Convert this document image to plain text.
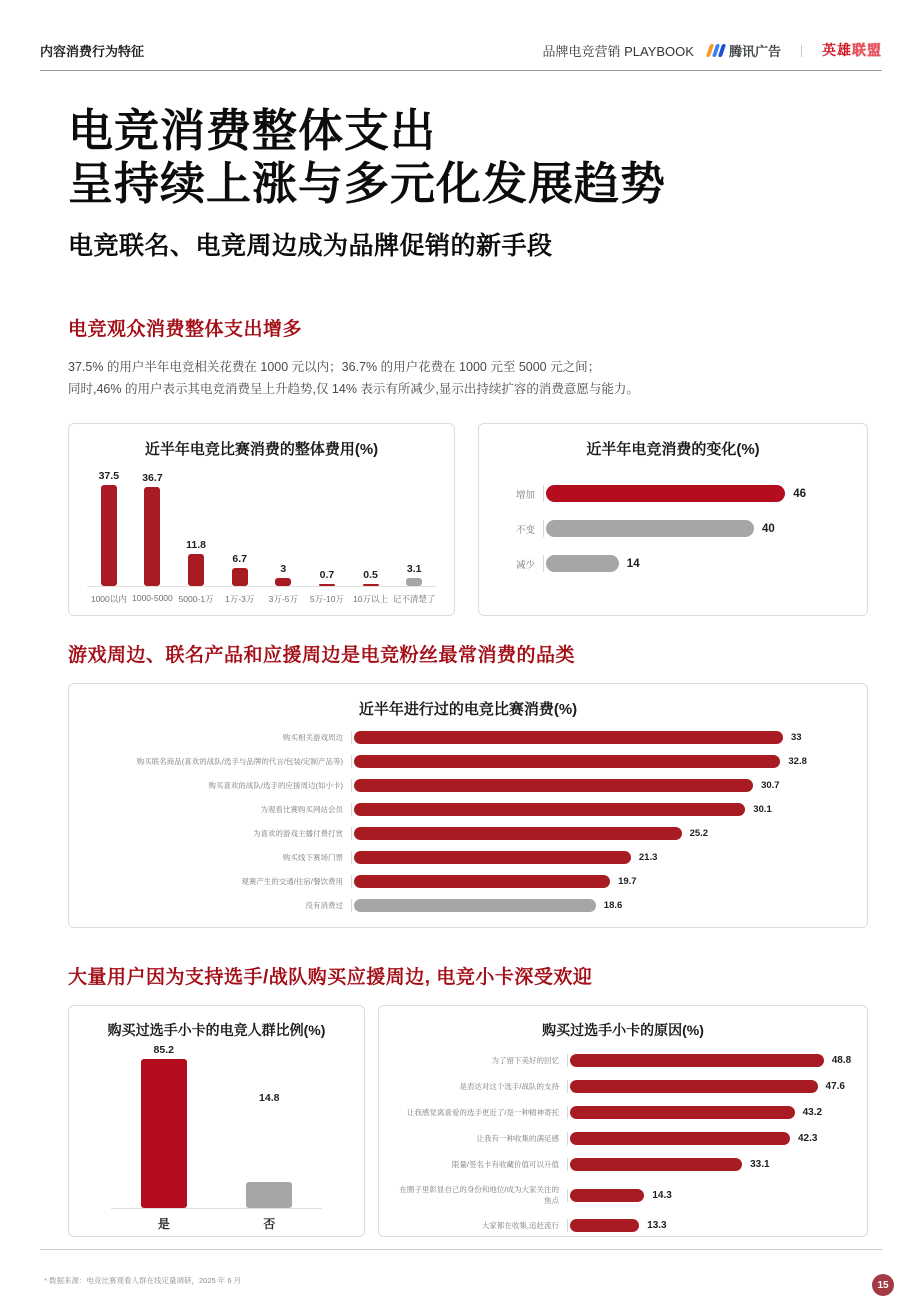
内容消费行为特征	品牌电竞营销 PLAYBOOK	腾讯广告 丨 英雄联盟
电竞消费整体支出
呈持续上涨与多元化发展趋势
电竞联名、电竞周边成为品牌促销的新手段
电竞观众消费整体支出增多
37.5% 的用户半年电竞相关花费在 1000 元以内；36.7% 的用户花费在 1000 元至 5000 元之间；
同时,46% 的用户表示其电竞消费呈上升趋势,仅 14% 表示有所减少,显示出持续扩容的消费意愿与能力。
近半年电竞比赛消费的整体费用(%)
37.5 36.7
11.8
6.7
3
0.7	0.5
3.1
1000以内 1000-5000 5000-1万	1万-3万	3万-5万	5万-10万	10万以上 记不清楚了
近半年电竞消费的变化(%)
增加	46
不变	40
减少	14
游戏周边、联名产品和应援周边是电竞粉丝最常消费的品类
近半年进行过的电竞比赛消费(%)
购买相关游戏周边	33
购买联名商品(喜欢的战队/选手与品牌的代言/包装/定制产品等)	32.8
购买喜欢的战队/选手的应援周边(如小卡)	30.7
为观看比赛购买网站会员	30.1
为喜欢的游戏主播付费打赏	25.2
购买线下赛场门票	21.3
观赛产生的交通/住宿/餐饮费用	19.7
没有消费过	18.6
大量用户因为支持选手/战队购买应援周边, 电竞小卡深受欢迎
购买过选手小卡的电竞人群比例(%)
85.2
14.8
是	否
购买过选手小卡的原因(%)
为了留下美好的回忆	48.8
是表达对这个选手/战队的支持	47.6
让我感觉离喜爱的选手更近了/是一种精神寄托	43.2
让我有一种收集的满足感	42.3
限量/签名卡有收藏价值可以升值	33.1
在圈子里彰显自己的身份和地位/成为大家关注的焦点	14.3
大家都在收集,追赶流行	13.3
* 数据来源：电竞比赛观看人群在线定量调研，2025 年 6 月	15
